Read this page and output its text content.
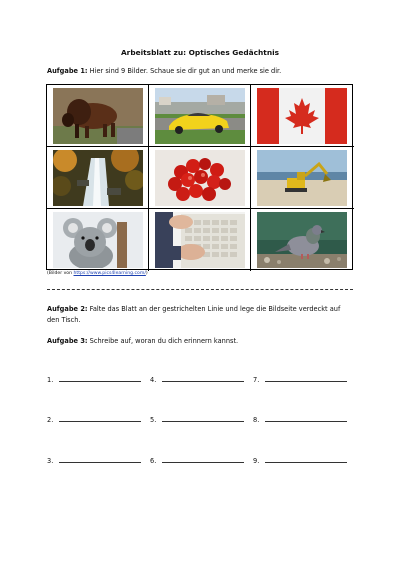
Arbeitsblatt zu: Optisches Gedächtnis
Aufgabe 1: Hier sind 9 Bilder. Schaue sie dir gut an und merke sie dir.
(Bilder von https://www.pics4learning.com/)
Aufgabe 2: Falte das Blatt an der gestrichelten Linie und lege die Bildseite verdeckt auf den Tisch.
Aufgabe 3: Schreibe auf, woran du dich erinnern kannst.
1.	4.	7.
2.	5.	8.
3.	6.	9.
